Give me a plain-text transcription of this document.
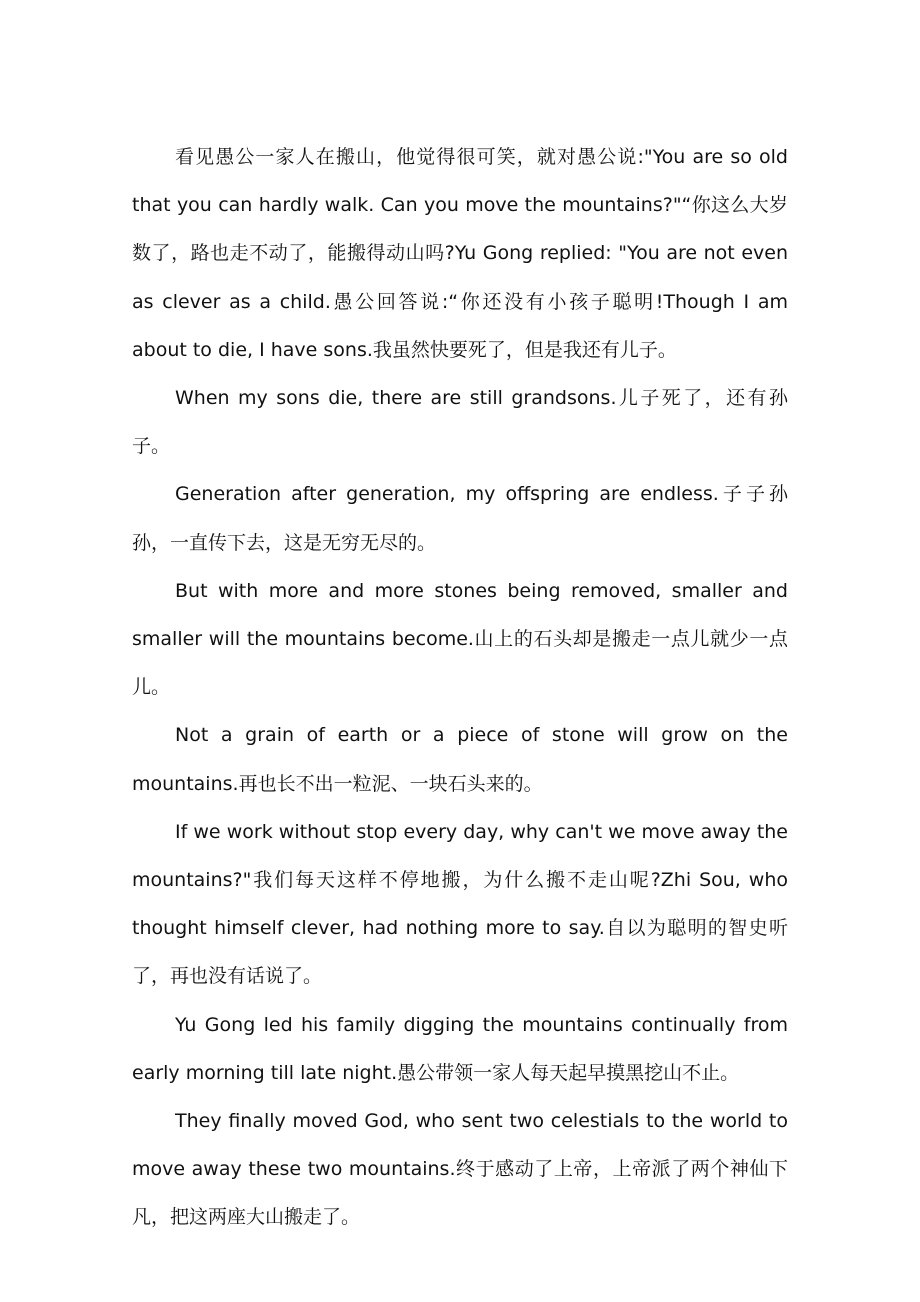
看见愚公一家人在搬山，他觉得很可笑，就对愚公说:"You are so old that you can hardly walk. Can you move the mountains?"“你这么大岁数了，路也走不动了，能搬得动山吗?Yu Gong replied: "You are not even as clever as a child.愚公回答说:“你还没有小孩子聪明!Though I am about to die, I have sons.我虽然快要死了，但是我还有儿子。

When my sons die, there are still grandsons.儿子死了，还有孙子。

Generation after generation, my offspring are endless.子子孙孙，一直传下去，这是无穷无尽的。

But with more and more stones being removed, smaller and smaller will the mountains become.山上的石头却是搬走一点儿就少一点儿。

Not a grain of earth or a piece of stone will grow on the mountains.再也长不出一粒泥、一块石头来的。

If we work without stop every day, why can't we move away the mountains?"我们每天这样不停地搬，为什么搬不走山呢?Zhi Sou, who thought himself clever, had nothing more to say.自以为聪明的智史听了，再也没有话说了。

Yu Gong led his family digging the mountains continually from early morning till late night.愚公带领一家人每天起早摸黑挖山不止。

They finally moved God, who sent two celestials to the world to move away these two mountains.终于感动了上帝，上帝派了两个神仙下凡，把这两座大山搬走了。
